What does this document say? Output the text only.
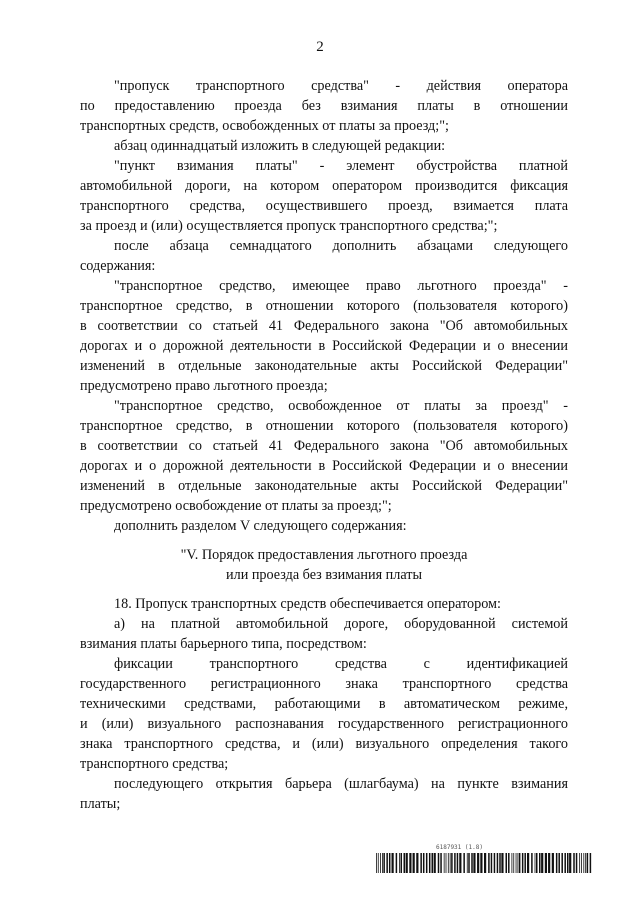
2
"пропуск транспортного средства" - действия оператора
по предоставлению проезда без взимания платы в отношении
транспортных средств, освобожденных от платы за проезд;";
абзац одиннадцатый изложить в следующей редакции:
"пункт взимания платы" - элемент обустройства платной
автомобильной дороги, на котором оператором производится фиксация
транспортного средства, осуществившего проезд, взимается плата
за проезд и (или) осуществляется пропуск транспортного средства;";
после абзаца семнадцатого дополнить абзацами следующего
содержания:
"транспортное средство, имеющее право льготного проезда" -
транспортное средство, в отношении которого (пользователя которого)
в соответствии со статьей 41 Федерального закона "Об автомобильных
дорогах и о дорожной деятельности в Российской Федерации и о внесении
изменений в отдельные законодательные акты Российской Федерации"
предусмотрено право льготного проезда;
"транспортное средство, освобожденное от платы за проезд" -
транспортное средство, в отношении которого (пользователя которого)
в соответствии со статьей 41 Федерального закона "Об автомобильных
дорогах и о дорожной деятельности в Российской Федерации и о внесении
изменений в отдельные законодательные акты Российской Федерации"
предусмотрено освобождение от платы за проезд;";
дополнить разделом V следующего содержания:
"V. Порядок предоставления льготного проезда
или проезда без взимания платы
18. Пропуск транспортных средств обеспечивается оператором:
а) на платной автомобильной дороге, оборудованной системой
взимания платы барьерного типа, посредством:
фиксации транспортного средства с идентификацией
государственного регистрационного знака транспортного средства
техническими средствами, работающими в автоматическом режиме,
и (или) визуального распознавания государственного регистрационного
знака транспортного средства, и (или) визуального определения такого
транспортного средства;
последующего открытия барьера (шлагбаума) на пункте взимания
платы;
6187931 (1.8)
